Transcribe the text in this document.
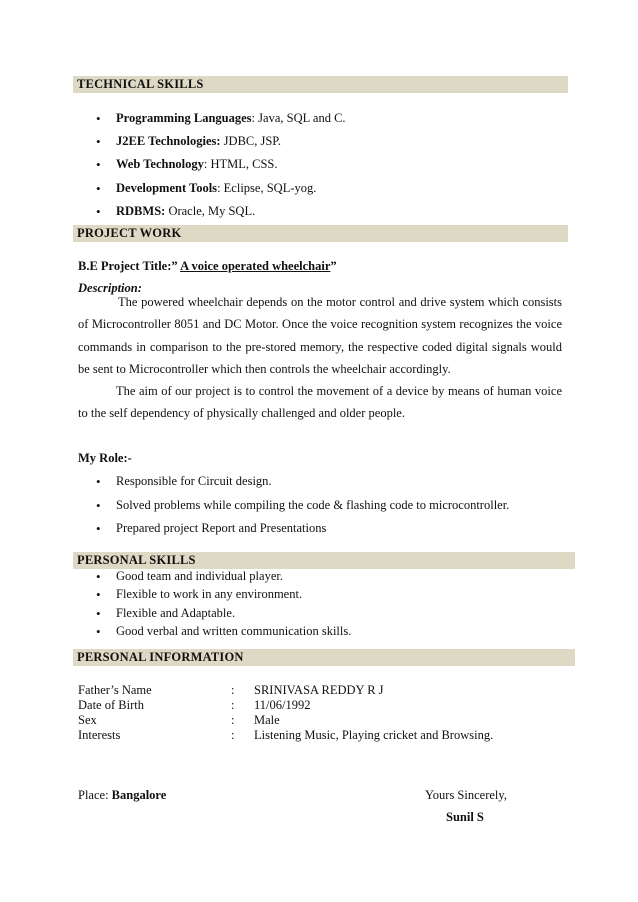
TECHNICAL SKILLS
• Programming Languages: Java, SQL and C.
• J2EE Technologies: JDBC, JSP.
• Web Technology: HTML, CSS.
• Development Tools: Eclipse, SQL-yog.
• RDBMS: Oracle, My SQL.
PROJECT WORK
B.E Project Title:” A voice operated wheelchair”
Description:

The powered wheelchair depends on the motor control and drive system which consists of Microcontroller 8051 and DC Motor. Once the voice recognition system recognizes the voice commands in comparison to the pre-stored memory, the respective coded digital signals would be sent to Microcontroller which then controls the wheelchair accordingly.

The aim of our project is to control the movement of a device by means of human voice to the self dependency of physically challenged and older people.

My Role:-
• Responsible for Circuit design.
• Solved problems while compiling the code & flashing code to microcontroller.
• Prepared project Report and Presentations
PERSONAL SKILLS
• Good team and individual player.
• Flexible to work in any environment.
• Flexible and Adaptable.
• Good verbal and written communication skills.
PERSONAL INFORMATION
Father’s Name	: SRINIVASA REDDY R J
Date of Birth	: 11/06/1992
Sex	: Male
Interests	: Listening Music, Playing cricket and Browsing.
Place: Bangalore	Yours Sincerely,
Sunil S
